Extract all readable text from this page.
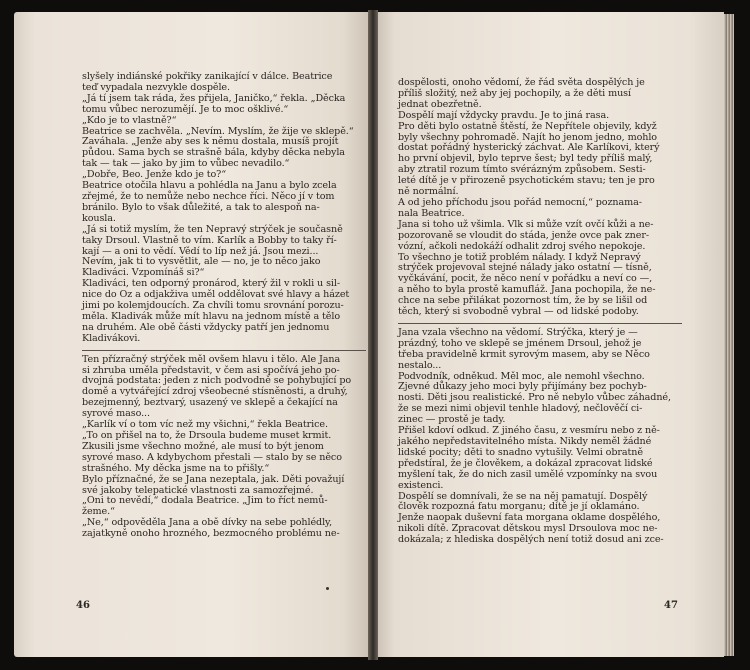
slyšely indiánské pokřiky zanikající v dálce. Beatrice

teď vypadala nezvykle dospěle.

„Já tí jsem tak ráda, žes přijela, Janičko,“ řekla. „Děcka

tomu vůbec nerozumějí. Je to moc ošklivé.“

„Kdo je to vlastně?“

Beatrice se zachvěla. „Nevím. Myslím, že žije ve sklepě.“

Zaváhala. „Jenže aby ses k němu dostala, musíš projít

půdou. Sama bych se strašně bála, kdyby děcka nebyla

tak — tak — jako by jim to vůbec nevadilo.“

„Dobře, Beo. Jenže kdo je to?“

Beatrice otočila hlavu a pohlédla na Janu a bylo zcela

zřejmé, že to nemůže nebo nechce říci. Něco jí v tom

bránilo. Bylo to však důležité, a tak to alespoň na-

kousla.

„Já si totiž myslím, že ten Nepravý strýček je současně

taky Drsoul. Vlastně to vím. Karlík a Bobby to taky ří-

kají — a oni to vědí. Vědí to líp než já. Jsou mezi...

Nevím, jak ti to vysvětlit, ale — no, je to něco jako

Kladiváci. Vzpomínáš si?“

Kladiváci, ten odporný pronárod, který žil v rokli u sil-

nice do Oz a odjakživa uměl oddělovat své hlavy a házet

jimi po kolemjdoucích. Za chvíli tomu srovnání porozu-

měla. Kladivák může mít hlavu na jednom místě a tělo

na druhém. Ale obě části vždycky patří jen jednomu

Kladivákovi.

Ten přízračný strýček měl ovšem hlavu i tělo. Ale Jana

si zhruba uměla představit, v čem asi spočívá jeho po-

dvojná podstata: jeden z nich podvodně se pohybující po

domě a vytvářející zdroj všeobecné stísněnosti, a druhý,

bezejmenný, beztvarý, usazený ve sklepě a čekající na

syrové maso...

„Karlík ví o tom víc než my všichni,“ řekla Beatrice.

„To on přišel na to, že Drsoula budeme muset krmit.

Zkusili jsme všechno možné, ale musí to být jenom

syrové maso. A kdybychom přestali — stalo by se něco

strašného. My děcka jsme na to přišly.“

Bylo příznačné, že se Jana nezeptala, jak. Děti považují

své jakoby telepatické vlastnosti za samozřejmé.

„Oni to nevědí,“ dodala Beatrice. „Jim to říct nemů-

žeme.“

„Ne,“ odpověděla Jana a obě dívky na sebe pohlédly,

zajatkyně onoho hrozného, bezmocného problému ne-

46

dospělosti, onoho vědomí, že řád světa dospělých je

příliš složitý, než aby jej pochopily, a že děti musí

jednat obezřetně.

Dospělí mají vždycky pravdu. Je to jiná rasa.

Pro děti bylo ostatně štěstí, že Nepřítele objevily, když

byly všechny pohromadě. Najít ho jenom jedno, mohlo

dostat pořádný hysterický záchvat. Ale Karlíkovi, který

ho první objevil, bylo teprve šest; byl tedy příliš malý,

aby ztratil rozum tímto svérázným způsobem. Sesti-

leté dítě je v přirozeně psychotickém stavu; ten je pro

ně normální.

A od jeho příchodu jsou pořád nemocní,“ poznama-

nala Beatrice.

Jana si toho už všimla. Vlk si může vzít ovčí kůži a ne-

pozorovaně se vloudit do stáda, jenže ovce pak zner-

vózní, ačkoli nedokáží odhalit zdroj svého nepokoje.

To všechno je totiž problém nálady. I když Nepravý

strýček projevoval stejné nálady jako ostatní — tísně,

vyčkávání, pocit, že něco není v pořádku a neví co —,

a něho to byla prostě kamufláž. Jana pochopila, že ne-

chce na sebe přilákat pozornost tím, že by se lišil od

těch, který si svobodně vybral — od lidské podoby.

Jana vzala všechno na vědomí. Strýčka, který je —

prázdný, toho ve sklepě se jménem Drsoul, jehož je

třeba pravidelně krmit syrovým masem, aby se Něco

nestalo...

Podvodník, odněkud. Měl moc, ale nemohl všechno.

Zjevné důkazy jeho moci byly přijímány bez pochyb-

nosti. Děti jsou realistické. Pro ně nebylo vůbec záhadné,

že se mezi nimi objevil tenhle hladový, nečlověčí ci-

zinec — prostě je tady.

Přišel kdoví odkud. Z jiného času, z vesmíru nebo z ně-

jakého nepředstavitelného místa. Nikdy neměl žádné

lidské pocity; děti to snadno vytušily. Velmi obratně

předstíral, že je člověkem, a dokázal zpracovat lidské

myšlení tak, že do nich zasil umělé vzpomínky na svou

existenci.

Dospělí se domnívali, že se na něj pamatují. Dospělý

člověk rozpozná fatu morganu; dítě je jí oklamáno.

Jenže naopak duševní fata morgana oklame dospělého,

nikoli dítě. Zpracovat dětskou mysl Drsoulova moc ne-

dokázala; z hlediska dospělých není totiž dosud ani zce-

47
